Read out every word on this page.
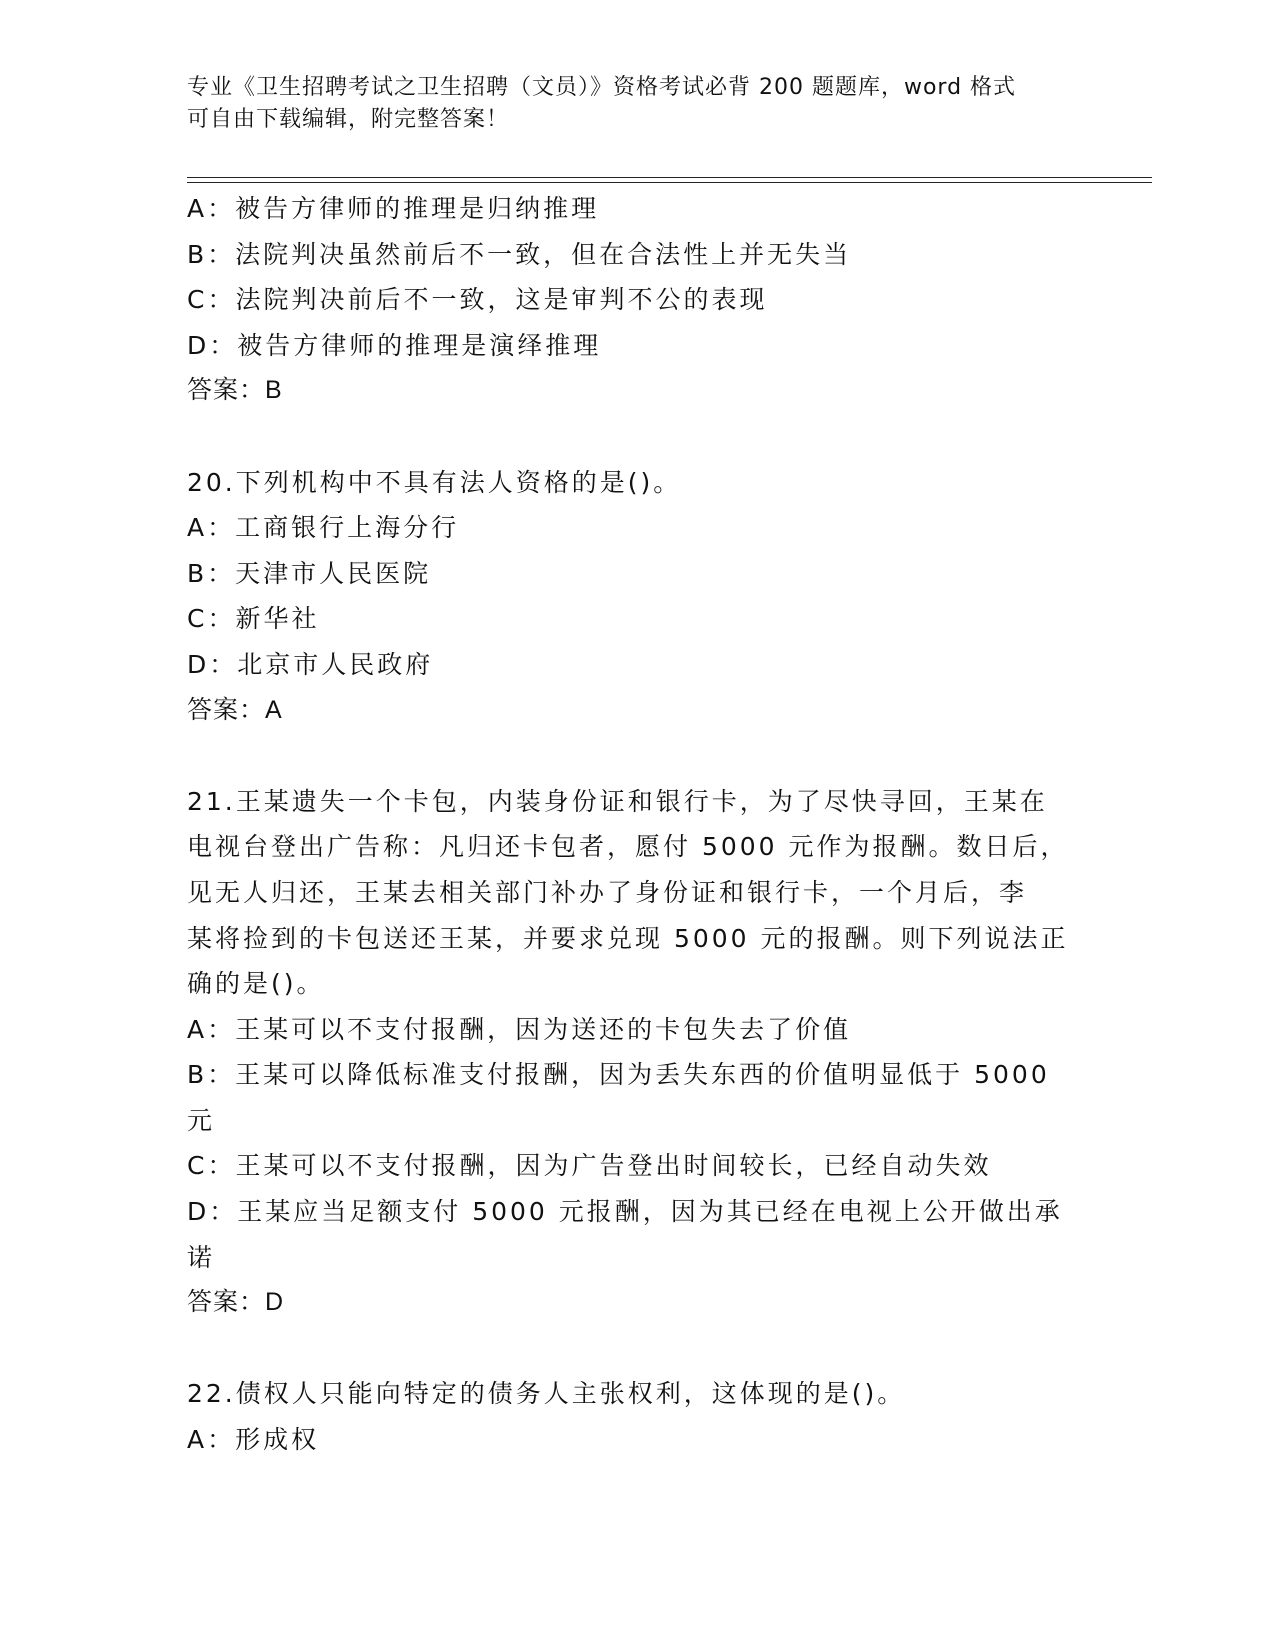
专业《卫生招聘考试之卫生招聘（文员）》资格考试必背 200 题题库，word 格式
可自由下载编辑，附完整答案！
A：被告方律师的推理是归纳推理
B：法院判决虽然前后不一致，但在合法性上并无失当
C：法院判决前后不一致，这是审判不公的表现
D：被告方律师的推理是演绎推理
答案：B
20.下列机构中不具有法人资格的是()。
A：工商银行上海分行
B：天津市人民医院
C：新华社
D：北京市人民政府
答案：A
21.王某遗失一个卡包，内装身份证和银行卡，为了尽快寻回，王某在
电视台登出广告称：凡归还卡包者，愿付 5000 元作为报酬。数日后，
见无人归还，王某去相关部门补办了身份证和银行卡，一个月后，李
某将捡到的卡包送还王某，并要求兑现 5000 元的报酬。则下列说法正
确的是()。
A：王某可以不支付报酬，因为送还的卡包失去了价值
B：王某可以降低标准支付报酬，因为丢失东西的价值明显低于 5000
元
C：王某可以不支付报酬，因为广告登出时间较长，已经自动失效
D：王某应当足额支付 5000 元报酬，因为其已经在电视上公开做出承
诺
答案：D
22.债权人只能向特定的债务人主张权利，这体现的是()。
A：形成权
